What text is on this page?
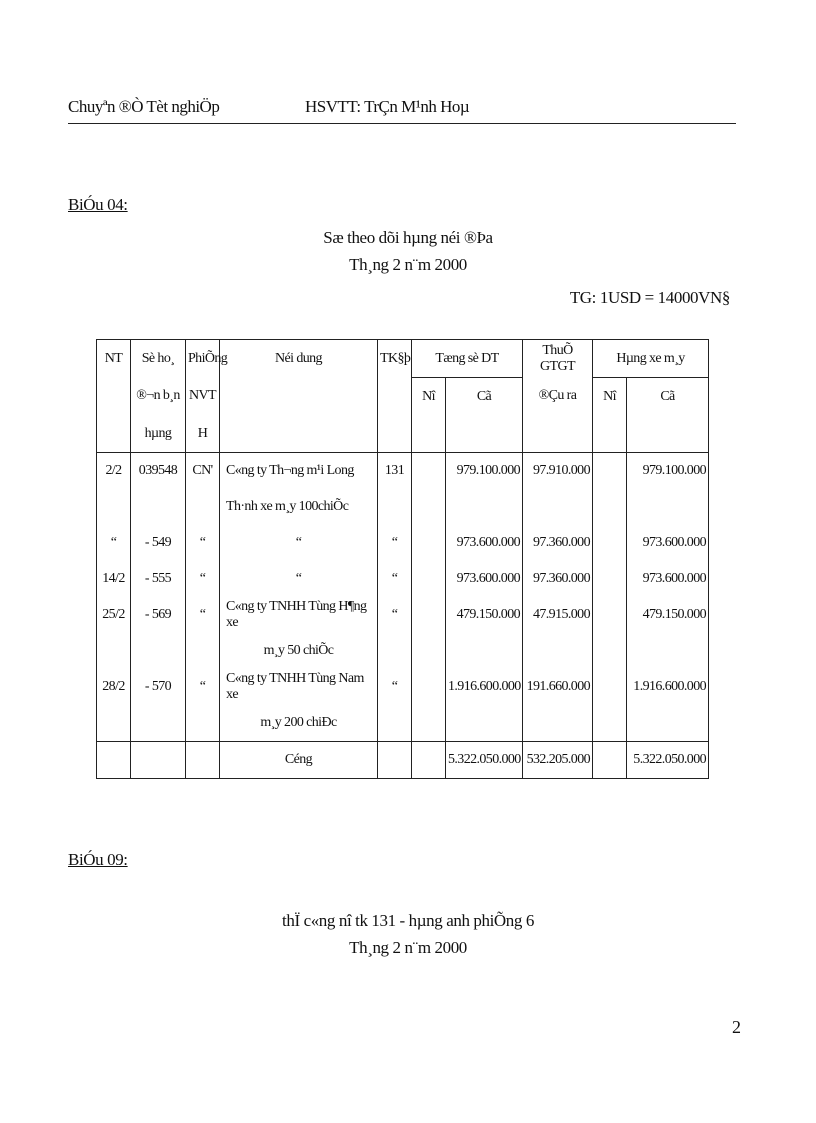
Chuyªn ®Ò Tèt nghiÖp	HSVTT: TrÇn M¹nh Hoµ
BiÓu 04:
Sæ theo dõi hµng néi ®Þa
Th¸ng 2 n¨m 2000
TG: 1USD = 14000VN§
NT	Sè ho¸	PhiÕng	Néi dung	TK§þ	Tæng sè DT		ThuÕ GTGT	Hµng xe m¸y	
	®¬n b¸n	NVT			Nî	Cã	®Çu ra	Nî	Cã
	hµng	H							
2/2	039548	CN'	C«ng ty Th¬ng m¹i Long	131		979.100.000	97.910.000		979.100.000
			Th·nh xe m¸y 100chiÕc						
“	- 549	“	“	“		973.600.000	97.360.000		973.600.000
14/2	- 555	“	“	“		973.600.000	97.360.000		973.600.000
25/2	- 569	“	C«ng ty TNHH Tùng H¶ng xe	“		479.150.000	47.915.000		479.150.000
			m¸y 50 chiÕc						
28/2	- 570	“	C«ng ty TNHH Tùng Nam xe	“		1.916.600.000	191.660.000		1.916.600.000
			m¸y 200 chiÐc						
			Céng			5.322.050.000	532.205.000		5.322.050.000
BiÓu 09:
thÏ c«ng nî tk 131 - hµng anh phiÕng 6
Th¸ng 2 n¨m 2000
2
